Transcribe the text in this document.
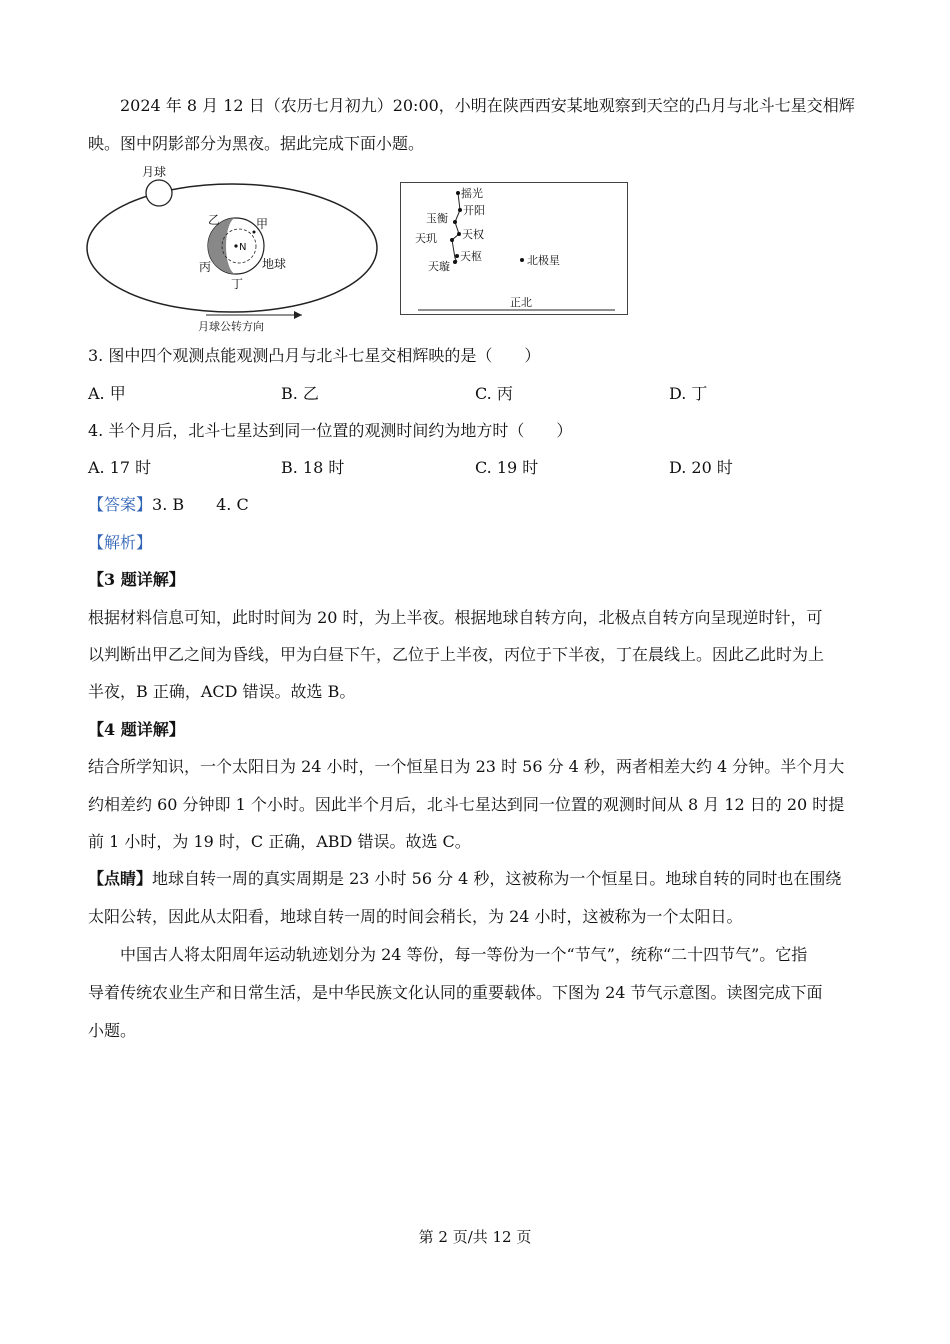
2024 年 8 月 12 日（农历七月初九）20:00，小明在陕西西安某地观察到天空的凸月与北斗七星交相辉
映。图中阴影部分为黑夜。据此完成下面小题。
月球
N
甲
乙
丙
丁
地球
月球公转方向
摇光
开阳
玉衡
天权
天玑
天枢
天璇	北极星
正北
3. 图中四个观测点能观测凸月与北斗七星交相辉映的是（　　）
A. 甲	B. 乙	C. 丙	D. 丁
4. 半个月后，北斗七星达到同一位置的观测时间约为地方时（　　）
A. 17 时	B. 18 时	C. 19 时	D. 20 时
【答案】3. B　　4. C
【解析】
【3 题详解】
根据材料信息可知，此时时间为 20 时，为上半夜。根据地球自转方向，北极点自转方向呈现逆时针，可
以判断出甲乙之间为昏线，甲为白昼下午，乙位于上半夜，丙位于下半夜，丁在晨线上。因此乙此时为上
半夜，B 正确，ACD 错误。故选 B。
【4 题详解】
结合所学知识，一个太阳日为 24 小时，一个恒星日为 23 时 56 分 4 秒，两者相差大约 4 分钟。半个月大
约相差约 60 分钟即 1 个小时。因此半个月后，北斗七星达到同一位置的观测时间从 8 月 12 日的 20 时提
前 1 小时，为 19 时，C 正确，ABD 错误。故选 C。
【点睛】地球自转一周的真实周期是 23 小时 56 分 4 秒，这被称为一个恒星日。地球自转的同时也在围绕
太阳公转，因此从太阳看，地球自转一周的时间会稍长，为 24 小时，这被称为一个太阳日。
中国古人将太阳周年运动轨迹划分为 24 等份，每一等份为一个“节气”，统称“二十四节气”。它指
导着传统农业生产和日常生活，是中华民族文化认同的重要载体。下图为 24 节气示意图。读图完成下面
小题。
第 2 页/共 12 页
